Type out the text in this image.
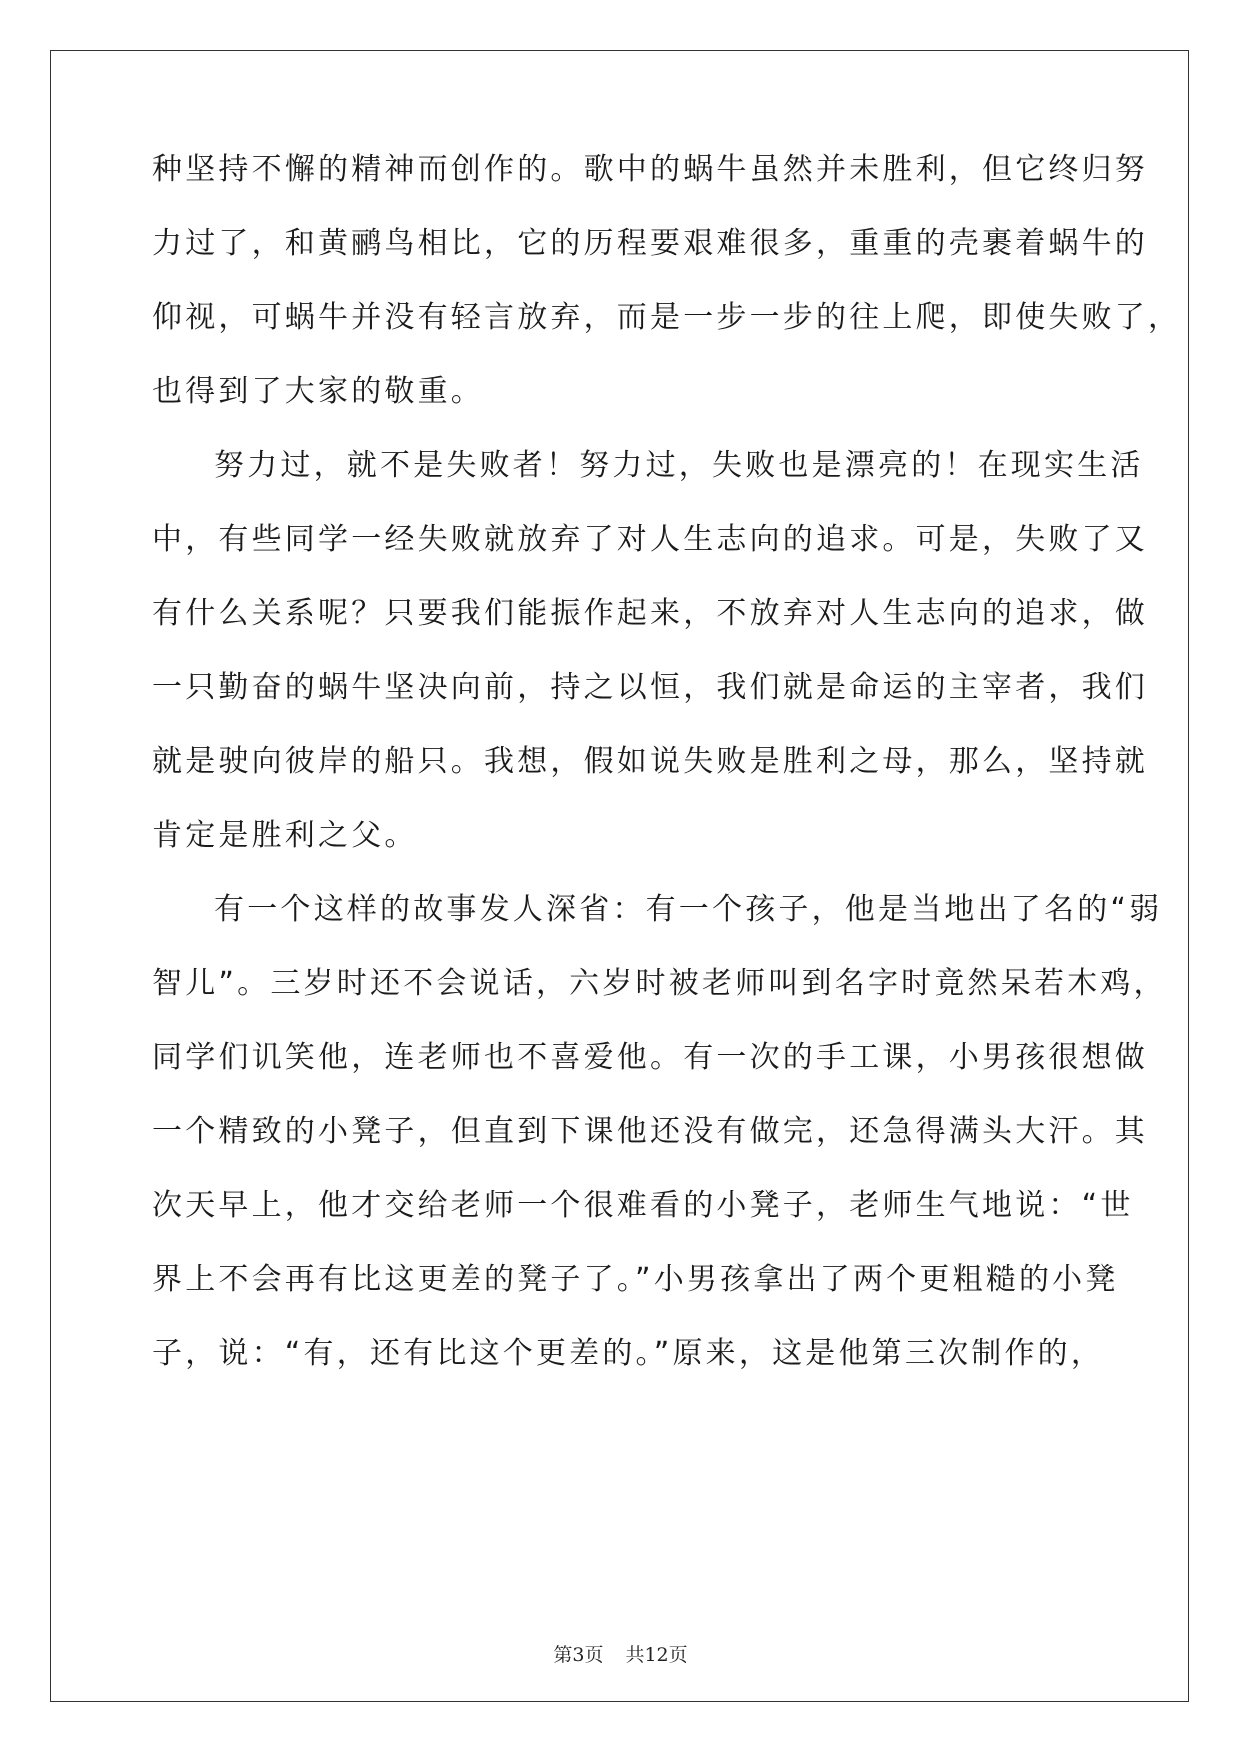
种坚持不懈的精神而创作的。歌中的蜗牛虽然并未胜利，但它终归努
力过了，和黄鹂鸟相比，它的历程要艰难很多，重重的壳裹着蜗牛的
仰视，可蜗牛并没有轻言放弃，而是一步一步的往上爬，即使失败了，
也得到了大家的敬重。
努力过，就不是失败者！努力过，失败也是漂亮的！在现实生活
中，有些同学一经失败就放弃了对人生志向的追求。可是，失败了又
有什么关系呢？只要我们能振作起来，不放弃对人生志向的追求，做
一只勤奋的蜗牛坚决向前，持之以恒，我们就是命运的主宰者，我们
就是驶向彼岸的船只。我想，假如说失败是胜利之母，那么，坚持就
肯定是胜利之父。
有一个这样的故事发人深省：有一个孩子，他是当地出了名的“弱
智儿”。三岁时还不会说话，六岁时被老师叫到名字时竟然呆若木鸡，
同学们讥笑他，连老师也不喜爱他。有一次的手工课，小男孩很想做
一个精致的小凳子，但直到下课他还没有做完，还急得满头大汗。其
次天早上，他才交给老师一个很难看的小凳子，老师生气地说：“世
界上不会再有比这更差的凳子了。”小男孩拿出了两个更粗糙的小凳
子，说：“有，还有比这个更差的。”原来，这是他第三次制作的，
第3页 共12页
